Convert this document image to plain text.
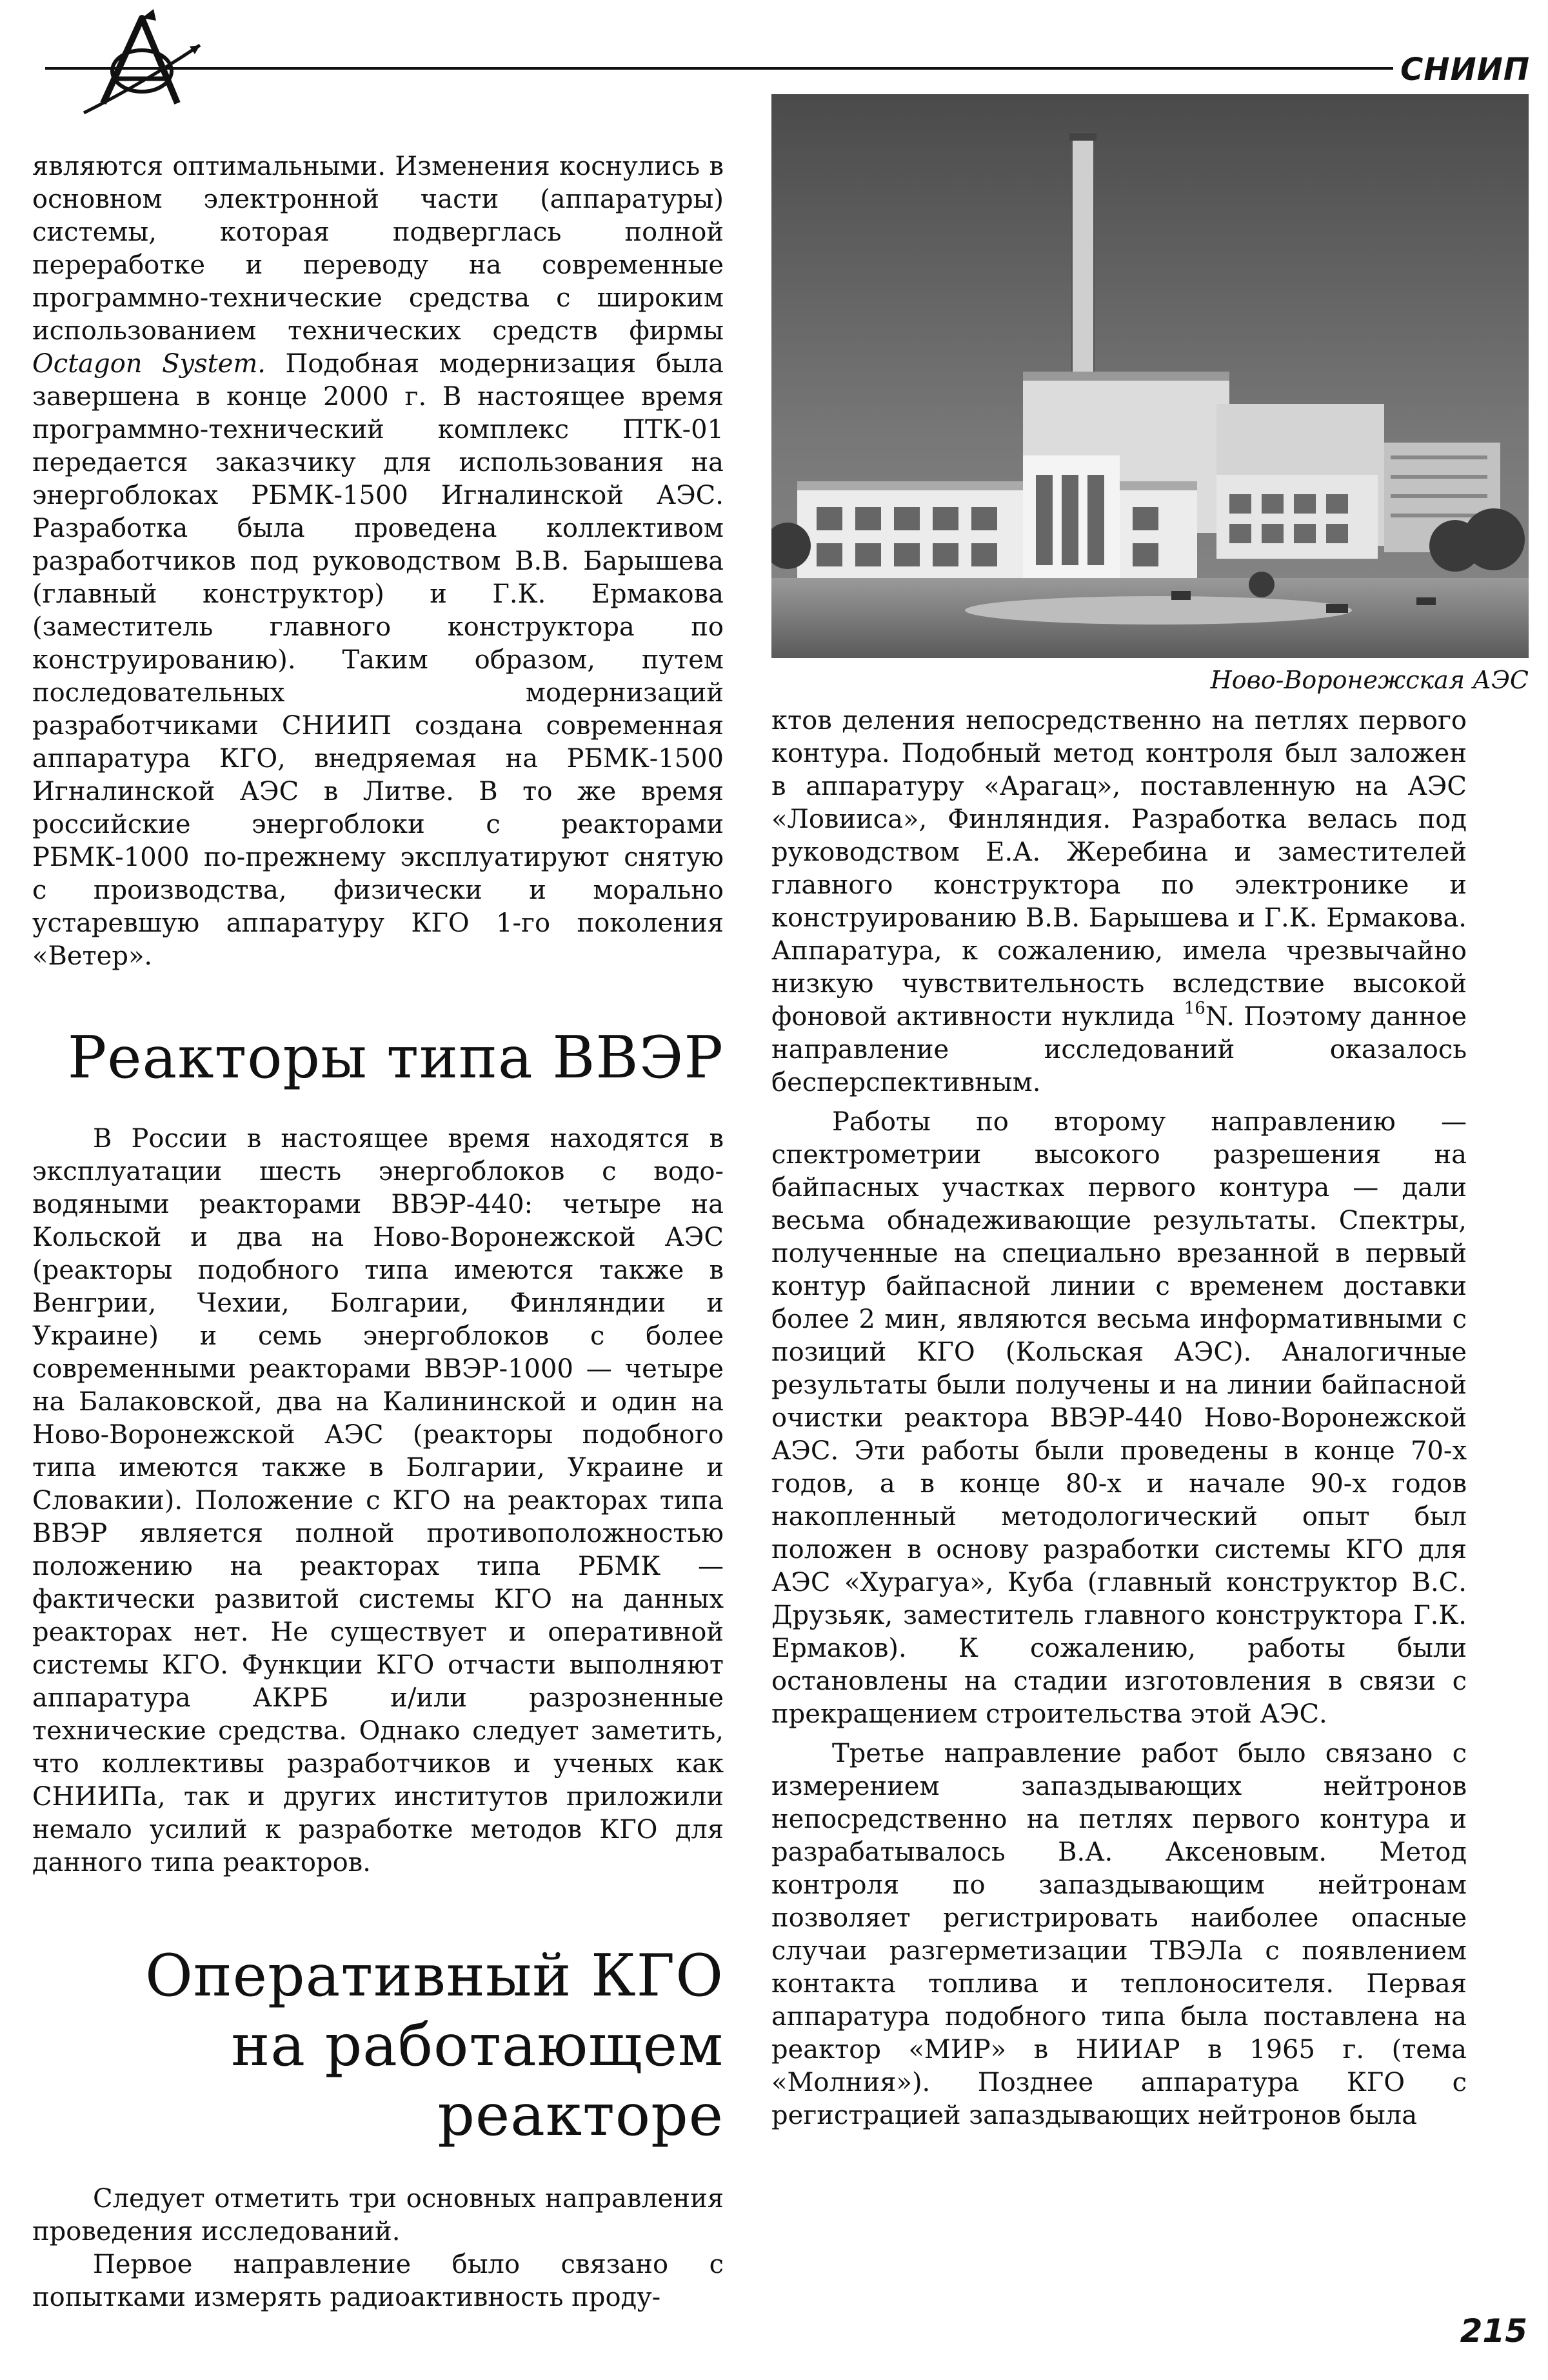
СНИИП
Ново-Воронежская АЭС

являются оптимальными. Изменения коснулись в основном электронной части (аппаратуры) системы, которая подверглась полной переработке и переводу на современные программно-технические средства с широким использованием технических средств фирмы Octagon System. Подобная модернизация была завершена в конце 2000 г. В настоящее время программно-технический комплекс ПТК-01 передается заказчику для использования на энергоблоках РБМК-1500 Игналинской АЭС. Разработка была проведена коллективом разработчиков под руководством В.В. Барышева (главный конструктор) и Г.К. Ермакова (заместитель главного конструктора по конструированию). Таким образом, путем последовательных модернизаций разработчиками СНИИП создана современная аппаратура КГО, внедряемая на РБМК-1500 Игналинской АЭС в Литве. В то же время российские энергоблоки с реакторами РБМК-1000 по-прежнему эксплуатируют снятую с производства, физически и морально устаревшую аппаратуру КГО 1-го поколения «Ветер».

Реакторы типа ВВЭР

В России в настоящее время находятся в эксплуатации шесть энергоблоков с водо-водяными реакторами ВВЭР-440: четыре на Кольской и два на Ново-Воронежской АЭС (реакторы подобного типа имеются также в Венгрии, Чехии, Болгарии, Финляндии и Украине) и семь энергоблоков с более современными реакторами ВВЭР-1000 — четыре на Балаковской, два на Калининской и один на Ново-Воронежской АЭС (реакторы подобного типа имеются также в Болгарии, Украине и Словакии). Положение с КГО на реакторах типа ВВЭР является полной противоположностью положению на реакторах типа РБМК — фактически развитой системы КГО на данных реакторах нет. Не существует и оперативной системы КГО. Функции КГО отчасти выполняют аппаратура АКРБ и/или разрозненные технические средства. Однако следует заметить, что коллективы разработчиков и ученых как СНИИПа, так и других институтов приложили немало усилий к разработке методов КГО для данного типа реакторов.

Оперативный КГО
на работающем реакторе

Следует отметить три основных направления проведения исследований.

Первое направление было связано с попытками измерять радиоактивность проду-

ктов деления непосредственно на петлях первого контура. Подобный метод контроля был заложен в аппаратуру «Арагац», поставленную на АЭС «Ловииса», Финляндия. Разработка велась под руководством Е.А. Жеребина и заместителей главного конструктора по электронике и конструированию В.В. Барышева и Г.К. Ермакова. Аппаратура, к сожалению, имела чрезвычайно низкую чувствительность вследствие высокой фоновой активности нуклида $^{16}$N. Поэтому данное направление исследований оказалось бесперспективным.

Работы по второму направлению — спектрометрии высокого разрешения на байпасных участках первого контура — дали весьма обнадеживающие результаты. Спектры, полученные на специально врезанной в первый контур байпасной линии с временем доставки более 2 мин, являются весьма информативными с позиций КГО (Кольская АЭС). Аналогичные результаты были получены и на линии байпасной очистки реактора ВВЭР-440 Ново-Воронежской АЭС. Эти работы были проведены в конце 70-х годов, а в конце 80-х и начале 90-х годов накопленный методологический опыт был положен в основу разработки системы КГО для АЭС «Хурагуа», Куба (главный конструктор В.С. Друзьяк, заместитель главного конструктора Г.К. Ермаков). К сожалению, работы были остановлены на стадии изготовления в связи с прекращением строительства этой АЭС.

Третье направление работ было связано с измерением запаздывающих нейтронов непосредственно на петлях первого контура и разрабатывалось В.А. Аксеновым. Метод контроля по запаздывающим нейтронам позволяет регистрировать наиболее опасные случаи разгерметизации ТВЭЛа с появлением контакта топлива и теплоносителя. Первая аппаратура подобного типа была поставлена на реактор «МИР» в НИИАР в 1965 г. (тема «Молния»). Позднее аппаратура КГО с регистрацией запаздывающих нейтронов была

215
